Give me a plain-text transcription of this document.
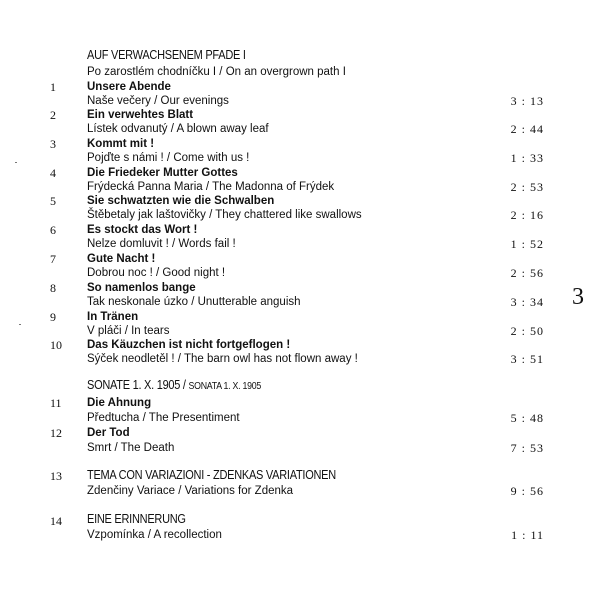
AUF VERWACHSENEM PFADE I
Po zarostlém chodníčku I / On an overgrown path I
1	Unsere Abende
Naše večery / Our evenings	3 : 13
2	Ein verwehtes Blatt
Lístek odvanutý / A blown away leaf	2 : 44
3	Kommt mit !
Pojďte s námi ! / Come with us !	1 : 33
4	Die Friedeker Mutter Gottes
Frýdecká Panna Maria / The Madonna of Frýdek	2 : 53
5	Sie schwatzten wie die Schwalben
Štěbetaly jak laštovičky / They chattered like swallows	2 : 16
6	Es stockt das Wort !
Nelze domluvit ! / Words fail !	1 : 52
7	Gute Nacht !
Dobrou noc ! / Good night !	2 : 56
8	So namenlos bange
Tak neskonale úzko / Unutterable anguish	3 : 34
9	In Tränen
V pláči / In tears	2 : 50
10	Das Käuzchen ist nicht fortgeflogen !
Sýček neodletěl ! / The barn owl has not flown away !	3 : 51
SONATE 1. X. 1905 / SONATA 1. X. 1905
11	Die Ahnung
Předtucha / The Presentiment	5 : 48
12	Der Tod
Smrt / The Death	7 : 53
13	TEMA CON VARIAZIONI - ZDENKAS VARIATIONEN
Zdenčiny Variace / Variations for Zdenka	9 : 56
14	EINE ERINNERUNG
Vzpomínka / A recollection	1 : 11
3
